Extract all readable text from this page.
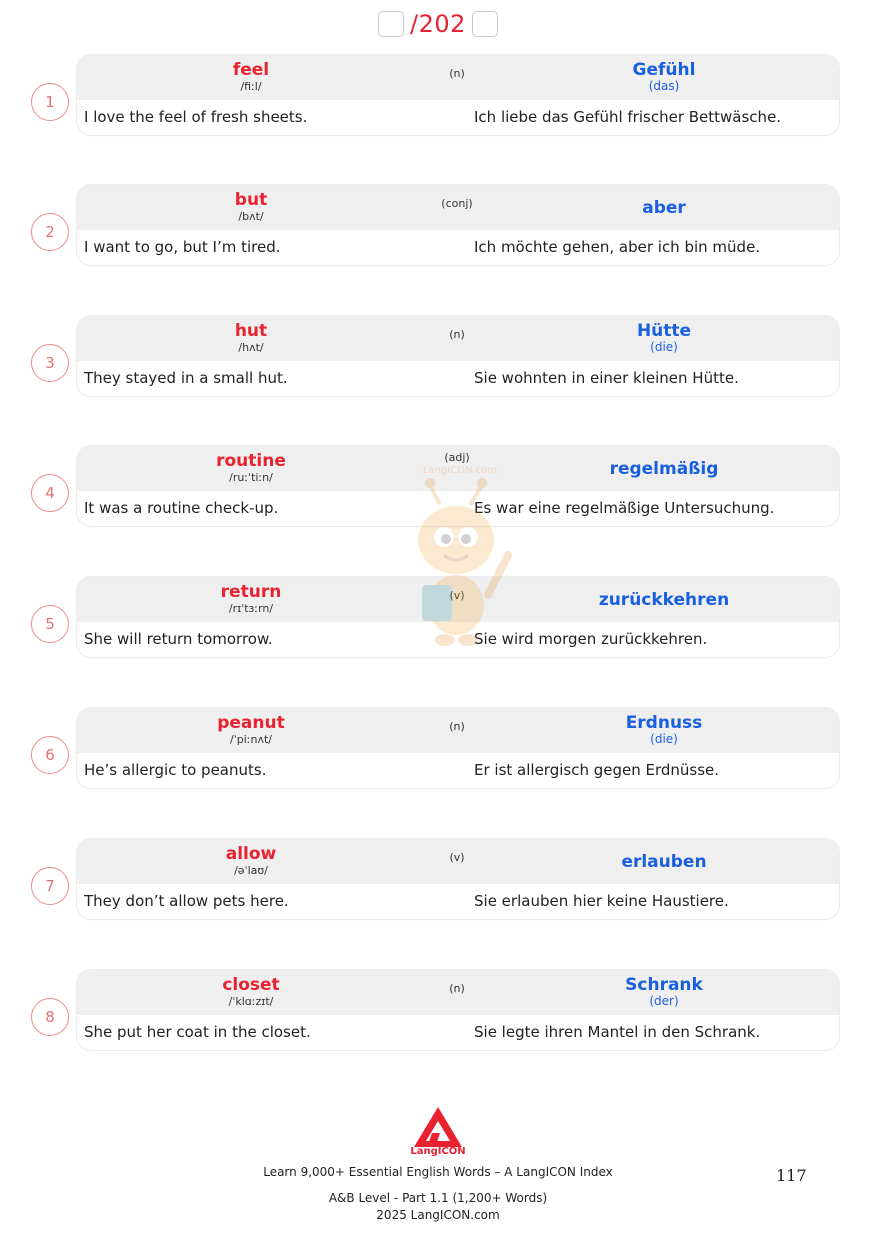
/202
1
feel
/fiːl/
(n)	Gefühl
(das)
I love the feel of fresh sheets.	Ich liebe das Gefühl frischer Bettwäsche.
2
but
/bʌt/
(conj)	aber
I want to go, but I’m tired.	Ich möchte gehen, aber ich bin müde.
3
hut
/hʌt/
(n)	Hütte
(die)
They stayed in a small hut.	Sie wohnten in einer kleinen Hütte.
4
routine
/ruːˈtiːn/
(adj)
regelmäßig
It was a routine check-up.	Es war eine regelmäßige Untersuchung.
5
return
/rɪˈtɜːrn/
(v)	zurückkehren
She will return tomorrow.	Sie wird morgen zurückkehren.
6
peanut
/ˈpiːnʌt/
(n)	Erdnuss
(die)
He’s allergic to peanuts.	Er ist allergisch gegen Erdnüsse.
7
allow
/əˈlaʊ/
(v)	erlauben
They don’t allow pets here.	Sie erlauben hier keine Haustiere.
8
closet
/ˈklɑːzɪt/
(n)	Schrank
(der)
She put her coat in the closet.	Sie legte ihren Mantel in den Schrank.
LangICON.com
LangICON
Learn 9,000+ Essential English Words – A LangICON Index
A&B Level - Part 1.1 (1,200+ Words)
2025 LangICON.com
117
